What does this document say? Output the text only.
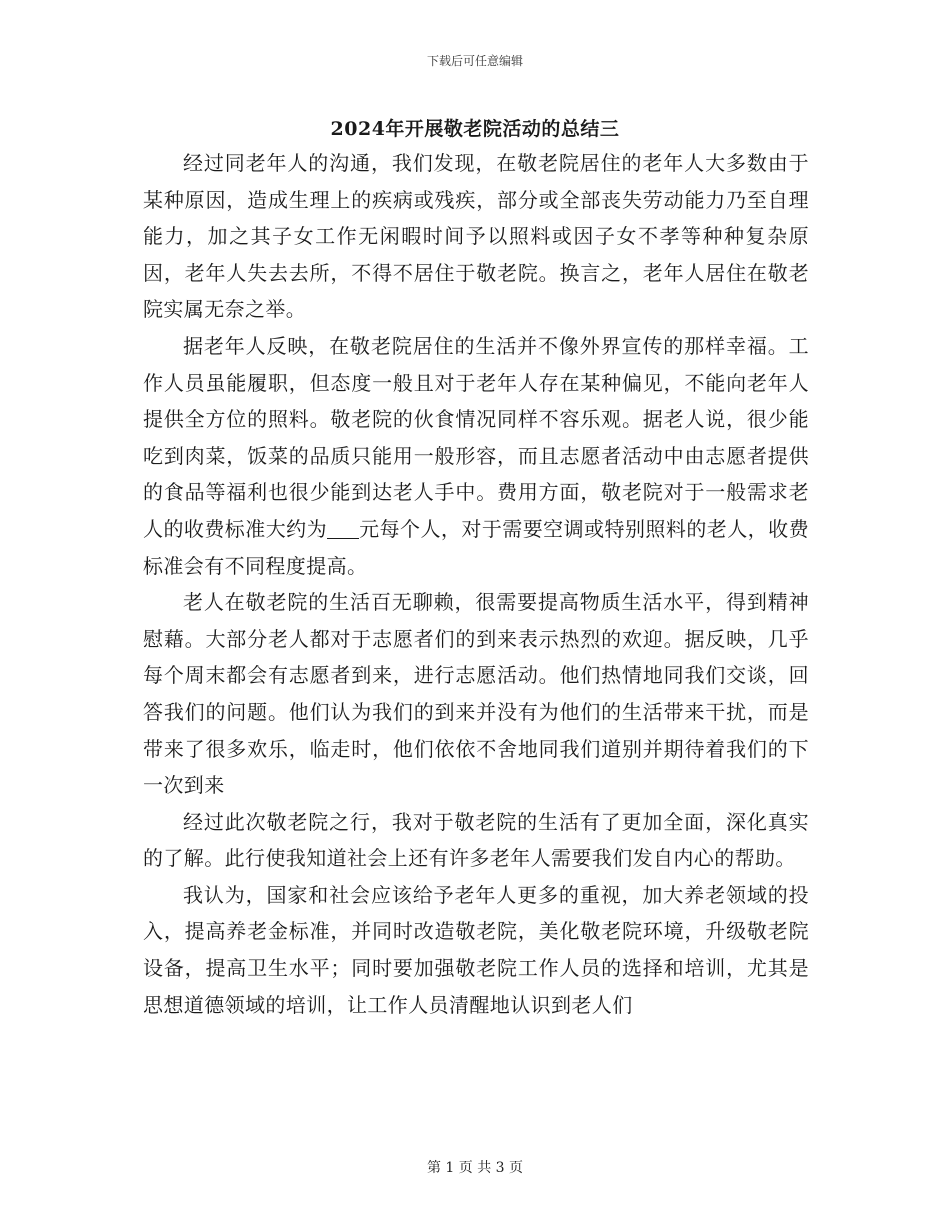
下载后可任意编辑
2024年开展敬老院活动的总结三

经过同老年人的沟通，我们发现，在敬老院居住的老年人大多数由于某种原因，造成生理上的疾病或残疾，部分或全部丧失劳动能力乃至自理能力，加之其子女工作无闲暇时间予以照料或因子女不孝等种种复杂原因，老年人失去去所，不得不居住于敬老院。换言之，老年人居住在敬老院实属无奈之举。

据老年人反映，在敬老院居住的生活并不像外界宣传的那样幸福。工作人员虽能履职，但态度一般且对于老年人存在某种偏见，不能向老年人提供全方位的照料。敬老院的伙食情况同样不容乐观。据老人说，很少能吃到肉菜，饭菜的品质只能用一般形容，而且志愿者活动中由志愿者提供的食品等福利也很少能到达老人手中。费用方面，敬老院对于一般需求老人的收费标准大约为 元每个人，对于需要空调或特别照料的老人，收费标准会有不同程度提高。

老人在敬老院的生活百无聊赖，很需要提高物质生活水平，得到精神慰藉。大部分老人都对于志愿者们的到来表示热烈的欢迎。据反映，几乎每个周末都会有志愿者到来，进行志愿活动。他们热情地同我们交谈，回答我们的问题。他们认为我们的到来并没有为他们的生活带来干扰，而是带来了很多欢乐，临走时，他们依依不舍地同我们道别并期待着我们的下一次到来

经过此次敬老院之行，我对于敬老院的生活有了更加全面，深化真实的了解。此行使我知道社会上还有许多老年人需要我们发自内心的帮助。

我认为，国家和社会应该给予老年人更多的重视，加大养老领域的投入，提高养老金标准，并同时改造敬老院，美化敬老院环境，升级敬老院设备，提高卫生水平；同时要加强敬老院工作人员的选择和培训，尤其是思想道德领域的培训，让工作人员清醒地认识到老人们

第 1 页 共 3 页
